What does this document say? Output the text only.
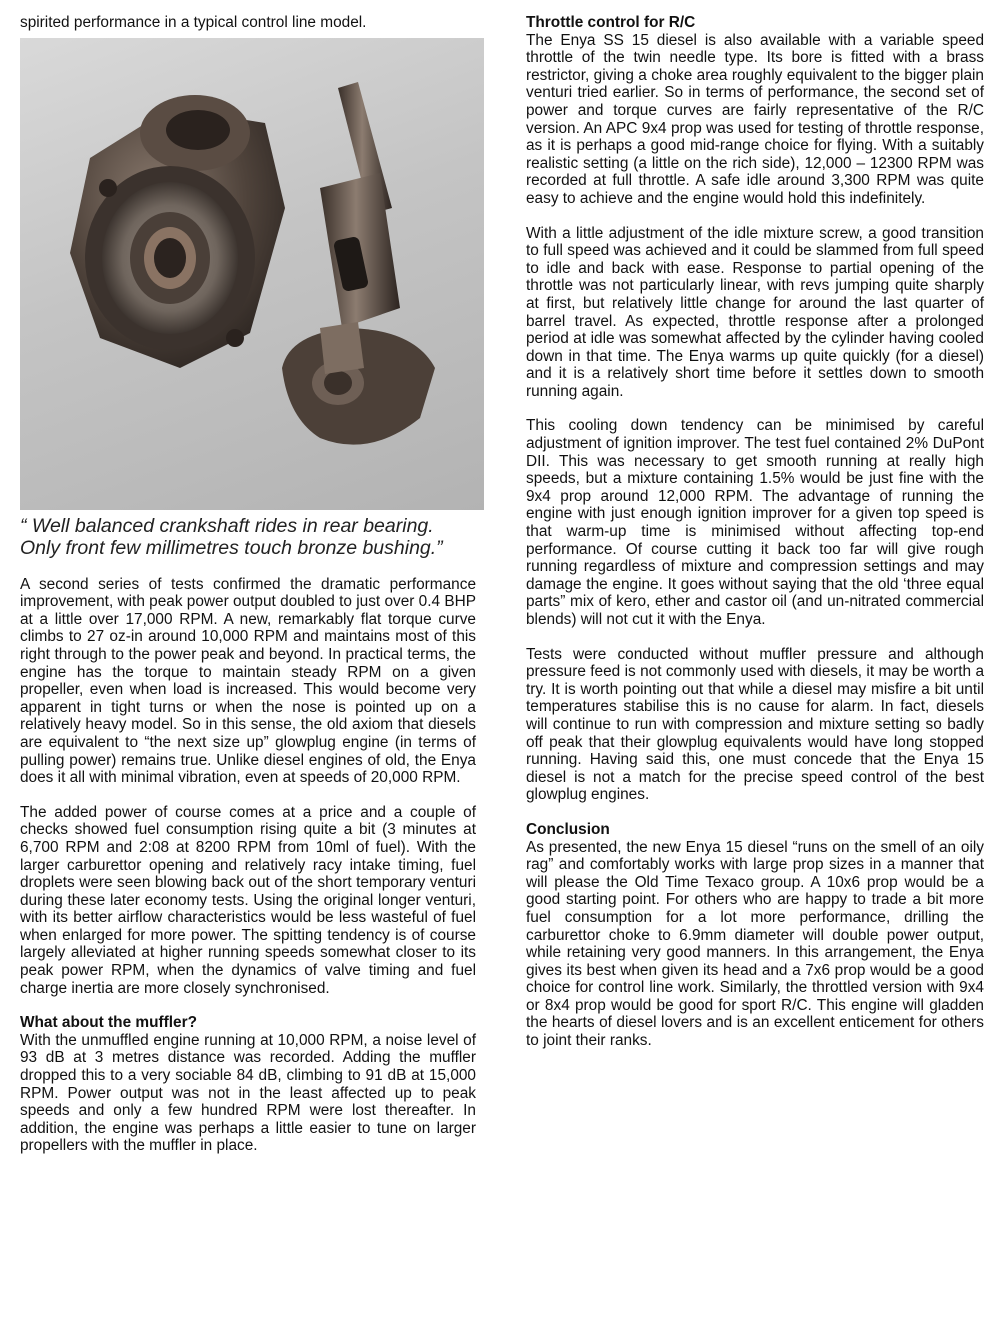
spirited performance in a typical control line model.

“ Well balanced crankshaft rides in rear bearing. Only front few millimetres touch bronze bushing.”

A second series of tests confirmed the dramatic performance improvement, with peak power output doubled to just over 0.4 BHP at a little over 17,000 RPM. A new, remarkably flat torque curve climbs to 27 oz-in around 10,000 RPM and maintains most of this right through to the power peak and beyond. In practical terms, the engine has the torque to maintain steady RPM on a given propeller, even when load is increased. This would become very apparent in tight turns or when the nose is pointed up on a relatively heavy model. So in this sense, the old axiom that diesels are equivalent to “the next size up” glowplug engine (in terms of pulling power) remains true. Unlike diesel engines of old, the Enya does it all with minimal vibration, even at speeds of 20,000 RPM.

The added power of course comes at a price and a couple of checks showed fuel consumption rising quite a bit (3 minutes at 6,700 RPM and 2:08 at 8200 RPM from 10ml of fuel). With the larger carburettor opening and relatively racy intake timing, fuel droplets were seen blowing back out of the short temporary venturi during these later economy tests. Using the original longer venturi, with its better airflow characteristics would be less wasteful of fuel when enlarged for more power. The spitting tendency is of course largely alleviated at higher running speeds somewhat closer to its peak power RPM, when the dynamics of valve timing and fuel charge inertia are more closely synchronised.

What about the muffler?

With the unmuffled engine running at 10,000 RPM, a noise level of 93 dB at 3 metres distance was recorded. Adding the muffler dropped this to a very sociable 84 dB, climbing to 91 dB at 15,000 RPM. Power output was not in the least affected up to peak speeds and only a few hundred RPM were lost thereafter. In addition, the engine was perhaps a little easier to tune on larger propellers with the muffler in place.

Throttle control for R/C

The Enya SS 15 diesel is also available with a variable speed throttle of the twin needle type. Its bore is fitted with a brass restrictor, giving a choke area roughly equivalent to the bigger plain venturi tried earlier. So in terms of performance, the second set of power and torque curves are fairly representative of the R/C version. An APC 9x4 prop was used for testing of throttle response, as it is perhaps a good mid-range choice for flying. With a suitably realistic setting (a little on the rich side), 12,000 – 12300 RPM was recorded at full throttle. A safe idle around 3,300 RPM was quite easy to achieve and the engine would hold this indefinitely.

With a little adjustment of the idle mixture screw, a good transition to full speed was achieved and it could be slammed from full speed to idle and back with ease. Response to partial opening of the throttle was not particularly linear, with revs jumping quite sharply at first, but relatively little change for around the last quarter of barrel travel. As expected, throttle response after a prolonged period at idle was somewhat affected by the cylinder having cooled down in that time. The Enya warms up quite quickly (for a diesel) and it is a relatively short time before it settles down to smooth running again.

This cooling down tendency can be minimised by careful adjustment of ignition improver. The test fuel contained 2% DuPont DII. This was necessary to get smooth running at really high speeds, but a mixture containing 1.5% would be just fine with the 9x4 prop around 12,000 RPM. The advantage of running the engine with just enough ignition improver for a given top speed is that warm-up time is minimised without affecting top-end performance. Of course cutting it back too far will give rough running regardless of mixture and compression settings and may damage the engine. It goes without saying that the old ‘three equal parts” mix of kero, ether and castor oil (and un-nitrated commercial blends) will not cut it with the Enya.

Tests were conducted without muffler pressure and although pressure feed is not commonly used with diesels, it may be worth a try. It is worth pointing out that while a diesel may misfire a bit until temperatures stabilise this is no cause for alarm. In fact, diesels will continue to run with compression and mixture setting so badly off peak that their glowplug equivalents would have long stopped running. Having said this, one must concede that the Enya 15 diesel is not a match for the precise speed control of the best glowplug engines.

Conclusion

As presented, the new Enya 15 diesel “runs on the smell of an oily rag” and comfortably works with large prop sizes in a manner that will please the Old Time Texaco group. A 10x6 prop would be a good starting point. For others who are happy to trade a bit more fuel consumption for a lot more performance, drilling the carburettor choke to 6.9mm diameter will double power output, while retaining very good manners. In this arrangement, the Enya gives its best when given its head and a 7x6 prop would be a good choice for control line work. Similarly, the throttled version with 9x4 or 8x4 prop would be good for sport R/C. This engine will gladden the hearts of diesel lovers and is an excellent enticement for others to joint their ranks.
